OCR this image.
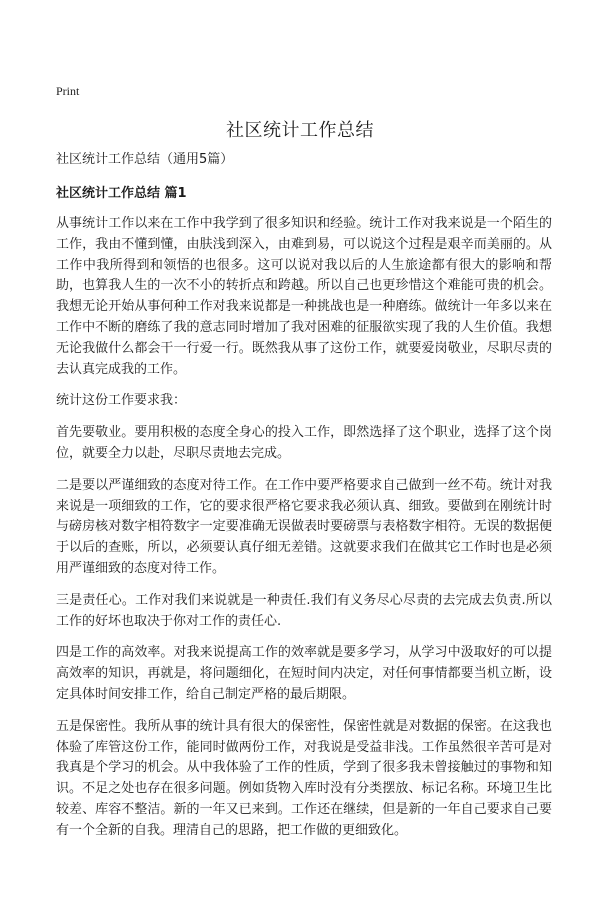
Print
社区统计工作总结

社区统计工作总结（通用5篇）

社区统计工作总结 篇1

从事统计工作以来在工作中我学到了很多知识和经验。统计工作对我来说是一个陌生的工作，我由不懂到懂，由肤浅到深入，由难到易，可以说这个过程是艰辛而美丽的。从工作中我所得到和领悟的也很多。这可以说对我以后的人生旅途都有很大的影响和帮助，也算我人生的一次不小的转折点和跨越。所以自己也更珍惜这个难能可贵的机会。我想无论开始从事何种工作对我来说都是一种挑战也是一种磨练。做统计一年多以来在工作中不断的磨练了我的意志同时增加了我对困难的征服欲实现了我的人生价值。我想无论我做什么都会干一行爱一行。既然我从事了这份工作，就要爱岗敬业，尽职尽责的去认真完成我的工作。

统计这份工作要求我：

首先要敬业。要用积极的态度全身心的投入工作，即然选择了这个职业，选择了这个岗位，就要全力以赴，尽职尽责地去完成。

二是要以严谨细致的态度对待工作。在工作中要严格要求自己做到一丝不苟。统计对我来说是一项细致的工作，它的要求很严格它要求我必须认真、细致。要做到在刚统计时与磅房核对数字相符数字一定要准确无误做表时要磅票与表格数字相符。无误的数据便于以后的查账，所以，必须要认真仔细无差错。这就要求我们在做其它工作时也是必须用严谨细致的态度对待工作。

三是责任心。工作对我们来说就是一种责任.我们有义务尽心尽责的去完成去负责.所以工作的好坏也取决于你对工作的责任心.

四是工作的高效率。对我来说提高工作的效率就是要多学习，从学习中汲取好的可以提高效率的知识，再就是，将问题细化，在短时间内决定，对任何事情都要当机立断，设定具体时间安排工作，给自己制定严格的最后期限。

五是保密性。我所从事的统计具有很大的保密性，保密性就是对数据的保密。在这我也体验了库管这份工作，能同时做两份工作，对我说是受益非浅。工作虽然很辛苦可是对我真是个学习的机会。从中我体验了工作的性质，学到了很多我未曾接触过的事物和知识。不足之处也存在很多问题。例如货物入库时没有分类摆放、标记名称。环境卫生比较差、库容不整洁。新的一年又已来到。工作还在继续，但是新的一年自己要求自己要有一个全新的自我。理清自己的思路，把工作做的更细致化。
